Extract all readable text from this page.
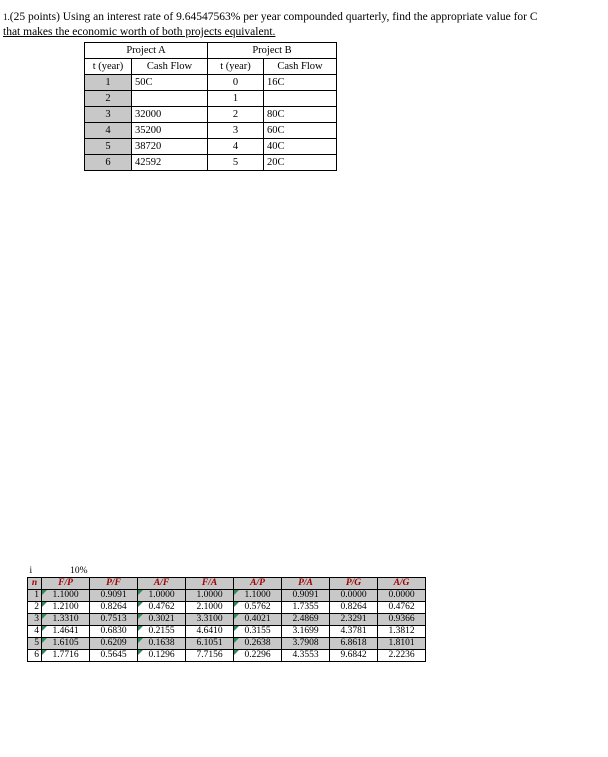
1.(25 points) Using an interest rate of 9.64547563% per year compounded quarterly, find the appropriate value for C
that makes the economic worth of both projects equivalent.
Project A		Project B	
t (year)	Cash Flow	t (year)	Cash Flow
1	50C	0	16C
2		1	
3	32000	2	80C
4	35200	3	60C
5	38720	4	40C
6	42592	5	20C
i	10%							
n	F/P	P/F	A/F	F/A	A/P	P/A	P/G	A/G
1	1.1000	0.9091	1.0000	1.0000	1.1000	0.9091	0.0000	0.0000
2	1.2100	0.8264	0.4762	2.1000	0.5762	1.7355	0.8264	0.4762
3	1.3310	0.7513	0.3021	3.3100	0.4021	2.4869	2.3291	0.9366
4	1.4641	0.6830	0.2155	4.6410	0.3155	3.1699	4.3781	1.3812
5	1.6105	0.6209	0.1638	6.1051	0.2638	3.7908	6.8618	1.8101
6	1.7716	0.5645	0.1296	7.7156	0.2296	4.3553	9.6842	2.2236
